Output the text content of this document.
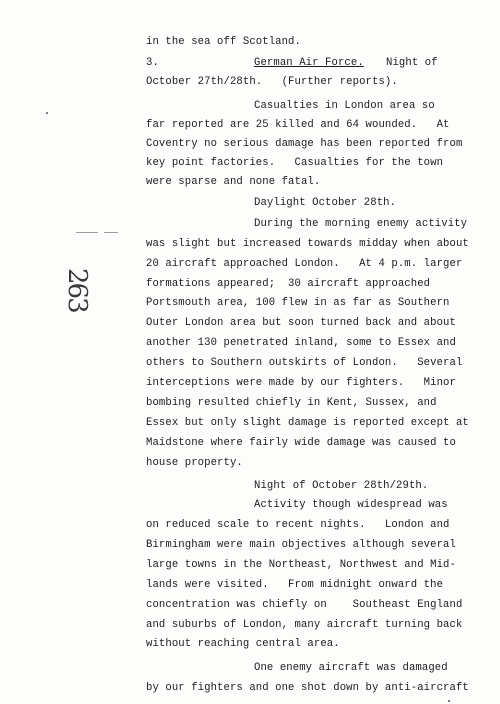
in the sea off Scotland.
3.	German Air Force. Night of
October 27th/28th.   (Further reports).
Casualties in London area so
far reported are 25 killed and 64 wounded.   At
Coventry no serious damage has been reported from
key point factories.   Casualties for the town
were sparse and none fatal.
Daylight October 28th.
During the morning enemy activity
was slight but increased towards midday when about
20 aircraft approached London.   At 4 p.m. larger
formations appeared;  30 aircraft approached
Portsmouth area, 100 flew in as far as Southern
Outer London area but soon turned back and about
another 130 penetrated inland, some to Essex and
others to Southern outskirts of London.   Several
interceptions were made by our fighters.   Minor
bombing resulted chiefly in Kent, Sussex, and
Essex but only slight damage is reported except at
Maidstone where fairly wide damage was caused to
house property.
Night of October 28th/29th.
Activity though widespread was
on reduced scale to recent nights.   London and
Birmingham were main objectives although several
large towns in the Northeast, Northwest and Mid-
lands were visited.   From midnight onward the
concentration was chiefly on    Southeast England
and suburbs of London, many aircraft turning back
without reaching central area.
One enemy aircraft was damaged
by our fighters and one shot down by anti-aircraft
263
